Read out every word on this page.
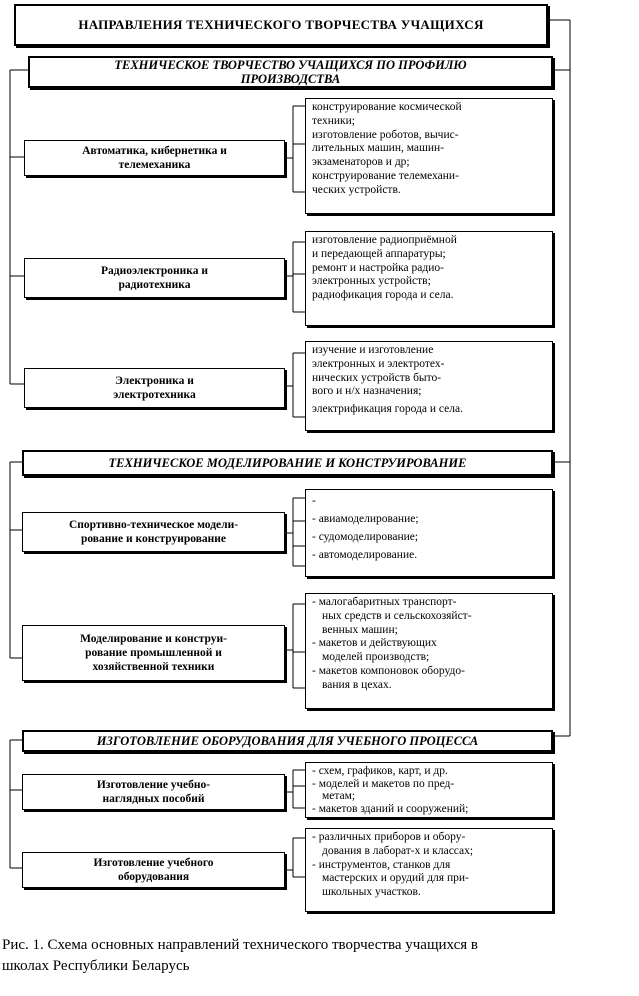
НАПРАВЛЕНИЯ ТЕХНИЧЕСКОГО ТВОРЧЕСТВА УЧАЩИХСЯ
ТЕХНИЧЕСКОЕ ТВОРЧЕСТВО УЧАЩИХСЯ ПО ПРОФИЛЮ
ПРОИЗВОДСТВА
Автоматика, кибернетика и
телемеханика
конструирование космической
техники;
изготовление роботов, вычис-
лительных машин, машин-
экзаменаторов и др;
конструирование телемехани-
ческих устройств.
Радиоэлектроника и
радиотехника
изготовление радиоприёмной
и передающей аппаратуры;
ремонт и настройка радио-
электронных устройств;
радиофикация города и села.
Электроника и
электротехника
изучение и изготовление
электронных и электротех-
нических устройств быто-
вого и н/х назначения;
электрификация города и села.
ТЕХНИЧЕСКОЕ МОДЕЛИРОВАНИЕ И КОНСТРУИРОВАНИЕ
Спортивно-техническое модели-
рование и конструирование
-
- авиамоделирование;
- судомоделирование;
- автомоделирование.
Моделирование и конструи-
рование промышленной и
хозяйственной техники
- малогабаритных транспорт-
ных средств и сельскохозяйст-
венных машин;
- макетов и действующих
моделей производств;
- макетов компоновок оборудо-
вания в цехах.
ИЗГОТОВЛЕНИЕ ОБОРУДОВАНИЯ ДЛЯ УЧЕБНОГО ПРОЦЕССА
Изготовление учебно-
наглядных пособий
- схем, графиков, карт, и др.
- моделей и макетов по пред-
метам;
- макетов зданий и сооружений;
Изготовление учебного
оборудования
- различных приборов и обору-
дования в лаборат-х и классах;
- инструментов, станков для
мастерских и орудий для при-
школьных участков.
Рис. 1. Схема основных направлений технического творчества учащихся в
школах Республики Беларусь
